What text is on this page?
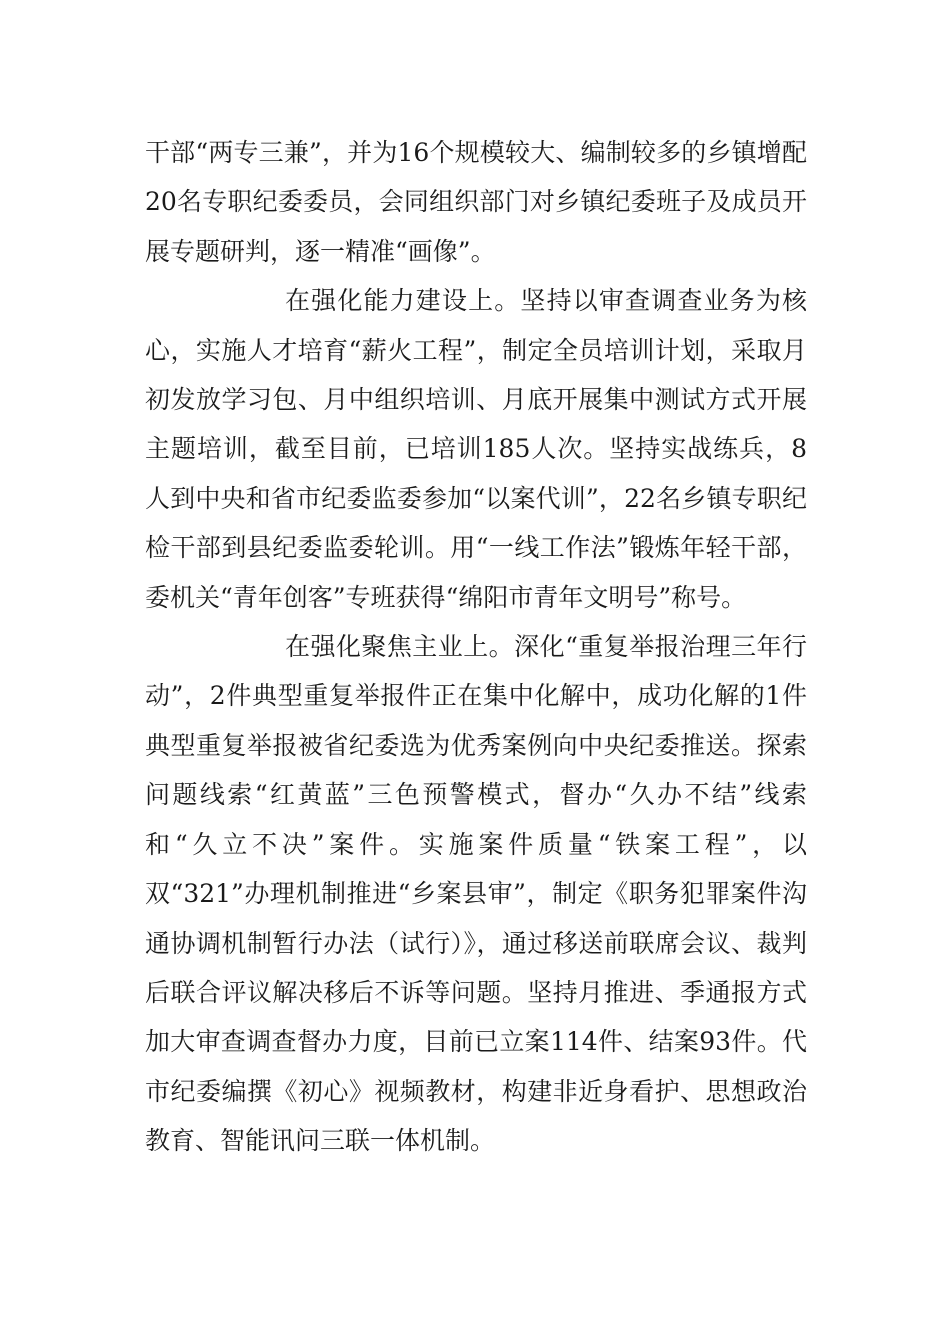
干部“两专三兼”，并为16个规模较大、编制较多的乡镇增配20名专职纪委委员，会同组织部门对乡镇纪委班子及成员开展专题研判，逐一精准“画像”。

在强化能力建设上。坚持以审查调查业务为核心，实施人才培育“薪火工程”，制定全员培训计划，采取月初发放学习包、月中组织培训、月底开展集中测试方式开展主题培训，截至目前，已培训185人次。坚持实战练兵，8人到中央和省市纪委监委参加“以案代训”，22名乡镇专职纪检干部到县纪委监委轮训。用“一线工作法”锻炼年轻干部，委机关“青年创客”专班获得“绵阳市青年文明号”称号。

在强化聚焦主业上。深化“重复举报治理三年行动”，2件典型重复举报件正在集中化解中，成功化解的1件典型重复举报被省纪委选为优秀案例向中央纪委推送。探索问题线索“红黄蓝”三色预警模式，督办“久办不结”线索和“久立不决”案件。实施案件质量“铁案工程”，以双“321”办理机制推进“乡案县审”，制定《职务犯罪案件沟通协调机制暂行办法（试行）》，通过移送前联席会议、裁判后联合评议解决移后不诉等问题。坚持月推进、季通报方式加大审查调查督办力度，目前已立案114件、结案93件。代市纪委编撰《初心》视频教材，构建非近身看护、思想政治教育、智能讯问三联一体机制。
